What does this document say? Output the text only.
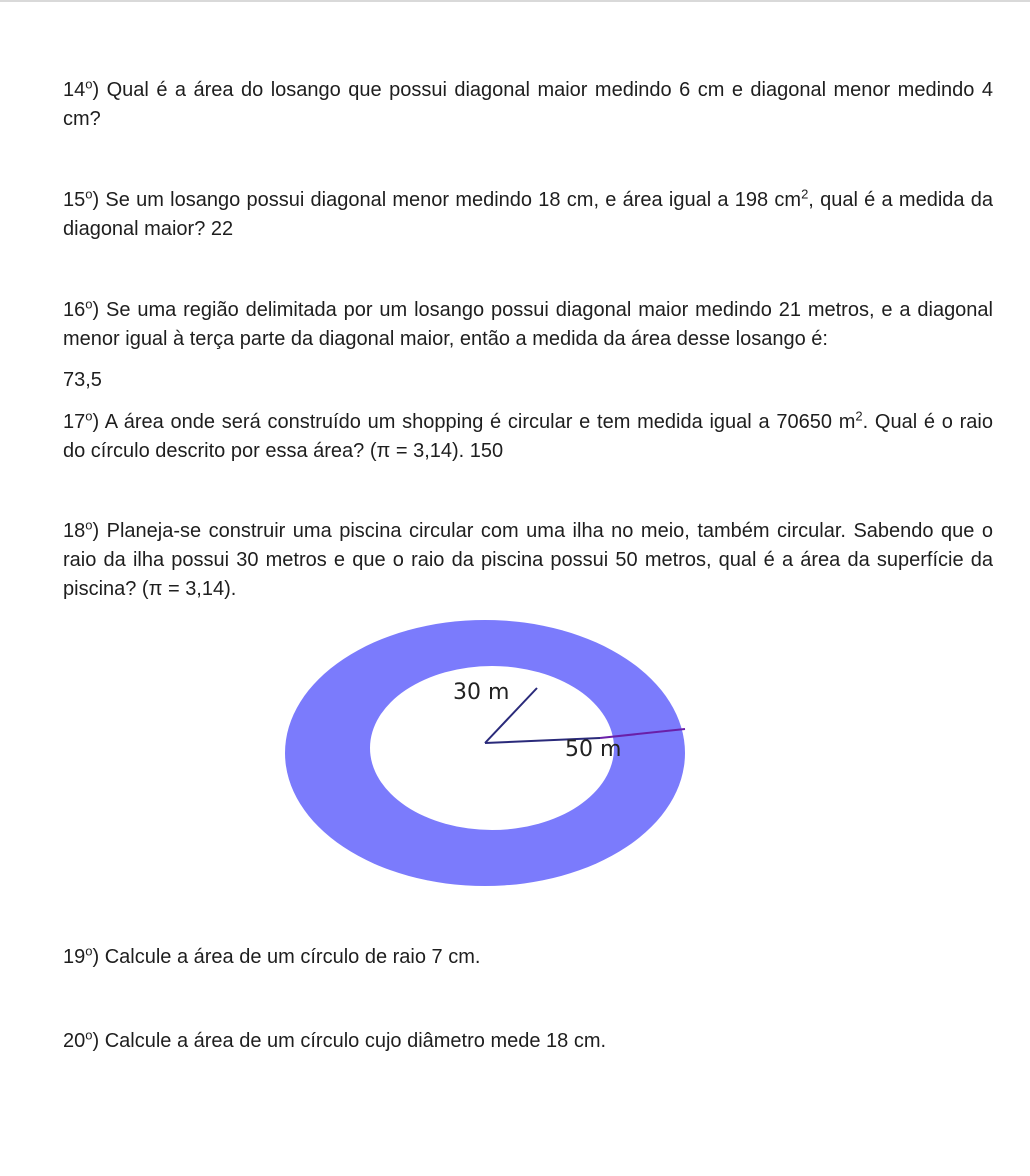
14$^o$) Qual é a área do losango que possui diagonal maior medindo 6 cm e diagonal menor medindo 4 cm?

15$^o$) Se um losango possui diagonal menor medindo 18 cm, e área igual a 198 $cm^2$, qual é a medida da diagonal maior? 22

16$^o$) Se uma região delimitada por um losango possui diagonal maior medindo 21 metros, e a diagonal menor igual à terça parte da diagonal maior, então a medida da área desse losango é:

73,5

17$^o$) A área onde será construído um shopping é circular e tem medida igual a 70650 $m^2$. Qual é o raio do círculo descrito por essa área? (π = 3,14). 150

18$^o$) Planeja-se construir uma piscina circular com uma ilha no meio, também circular. Sabendo que o raio da ilha possui 30 metros e que o raio da piscina possui 50 metros, qual é a área da superfície da piscina? (π = 3,14).

30 m
50 m

19$^o$) Calcule a área de um círculo de raio 7 cm.

20$^o$) Calcule a área de um círculo cujo diâmetro mede 18 cm.
